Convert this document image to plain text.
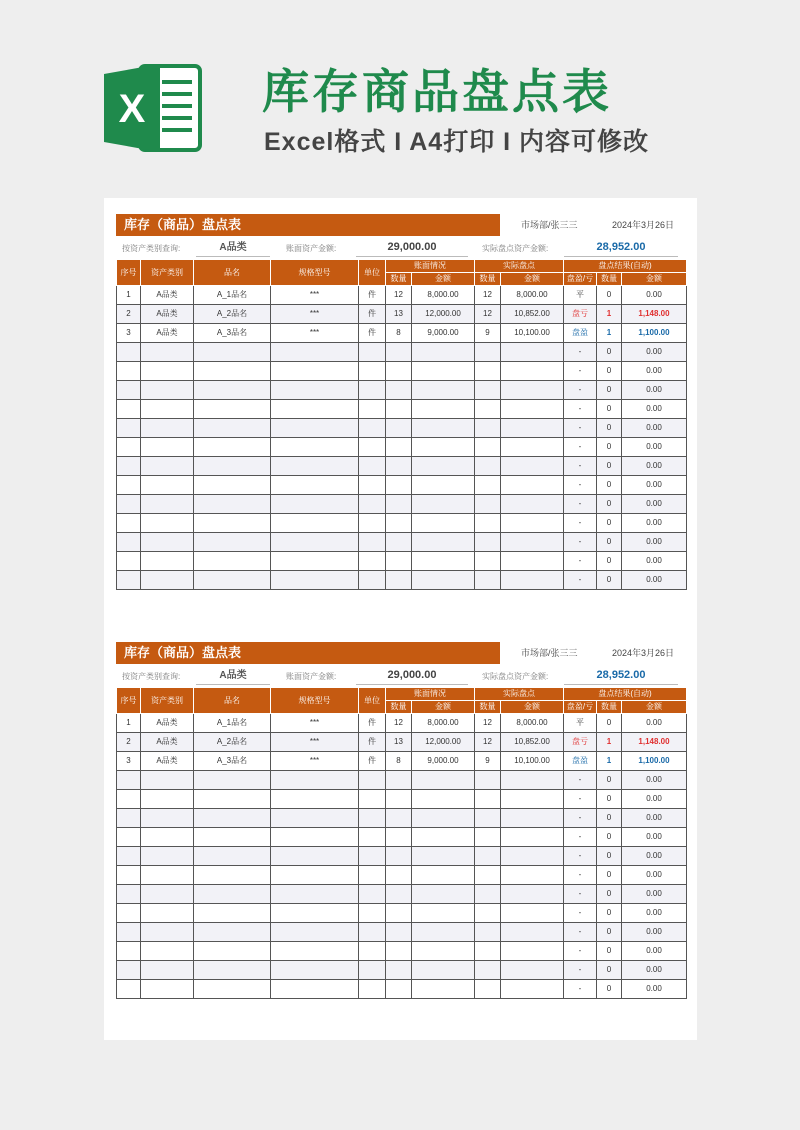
X 库存商品盘点表
Excel格式 I A4打印 I 内容可修改
库存（商品）盘点表	市场部/张三三	2024年3月26日
按资产类别查询:	A品类	账面资产金额:	29,000.00	实际盘点资产金额:	28,952.00
序号	资产类别	品名	规格型号	单位	账面情况		实际盘点		盘点结果(自动)		
					数量	金额	数量	金额	盘盈/亏	数量	金额
1	A品类	A_1品名	***	件	12	8,000.00	12	8,000.00	平	0	0.00
2	A品类	A_2品名	***	件	13	12,000.00	12	10,852.00	盘亏	1	1,148.00
3	A品类	A_3品名	***	件	8	9,000.00	9	10,100.00	盘盈	1	1,100.00
									-	0	0.00
									-	0	0.00
									-	0	0.00
									-	0	0.00
									-	0	0.00
									-	0	0.00
									-	0	0.00
									-	0	0.00
									-	0	0.00
									-	0	0.00
									-	0	0.00
									-	0	0.00
									-	0	0.00
库存（商品）盘点表	市场部/张三三	2024年3月26日
按资产类别查询:	A品类	账面资产金额:	29,000.00	实际盘点资产金额:	28,952.00
序号	资产类别	品名	规格型号	单位	账面情况		实际盘点		盘点结果(自动)		
					数量	金额	数量	金额	盘盈/亏	数量	金额
1	A品类	A_1品名	***	件	12	8,000.00	12	8,000.00	平	0	0.00
2	A品类	A_2品名	***	件	13	12,000.00	12	10,852.00	盘亏	1	1,148.00
3	A品类	A_3品名	***	件	8	9,000.00	9	10,100.00	盘盈	1	1,100.00
									-	0	0.00
									-	0	0.00
									-	0	0.00
									-	0	0.00
									-	0	0.00
									-	0	0.00
									-	0	0.00
									-	0	0.00
									-	0	0.00
									-	0	0.00
									-	0	0.00
									-	0	0.00
